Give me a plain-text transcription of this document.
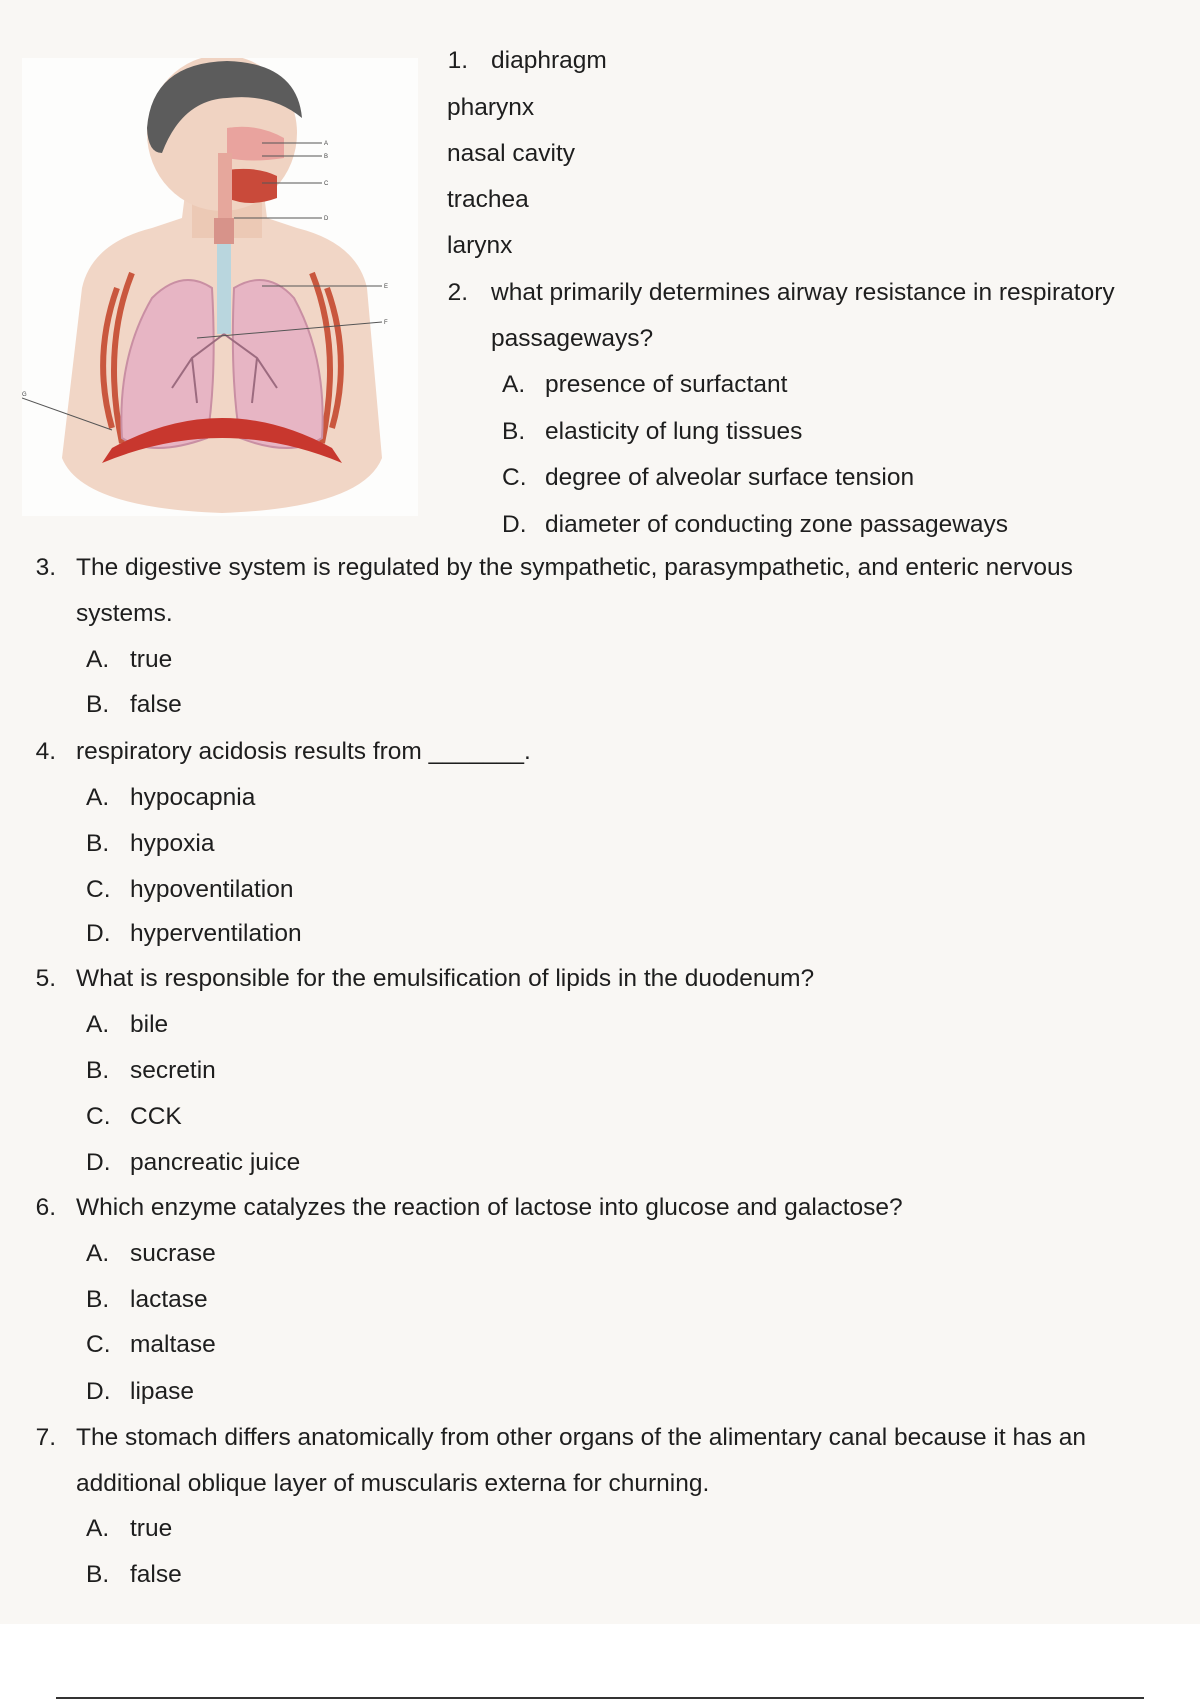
A
B
C
D
E
F
G
1. diaphragm
pharynx
nasal cavity
trachea
larynx
2. what primarily determines airway resistance in respiratory
passageways?
A. presence of surfactant
B. elasticity of lung tissues
C. degree of alveolar surface tension
D. diameter of conducting zone passageways
3. The digestive system is regulated by the sympathetic, parasympathetic, and enteric nervous
systems.
A. true
B. false
4. respiratory acidosis results from _______.
A. hypocapnia
B. hypoxia
C. hypoventilation
D. hyperventilation
5. What is responsible for the emulsification of lipids in the duodenum?
A. bile
B. secretin
C. CCK
D. pancreatic juice
6. Which enzyme catalyzes the reaction of lactose into glucose and galactose?
A. sucrase
B. lactase
C. maltase
D. lipase
7. The stomach differs anatomically from other organs of the alimentary canal because it has an
additional oblique layer of muscularis externa for churning.
A. true
B. false
